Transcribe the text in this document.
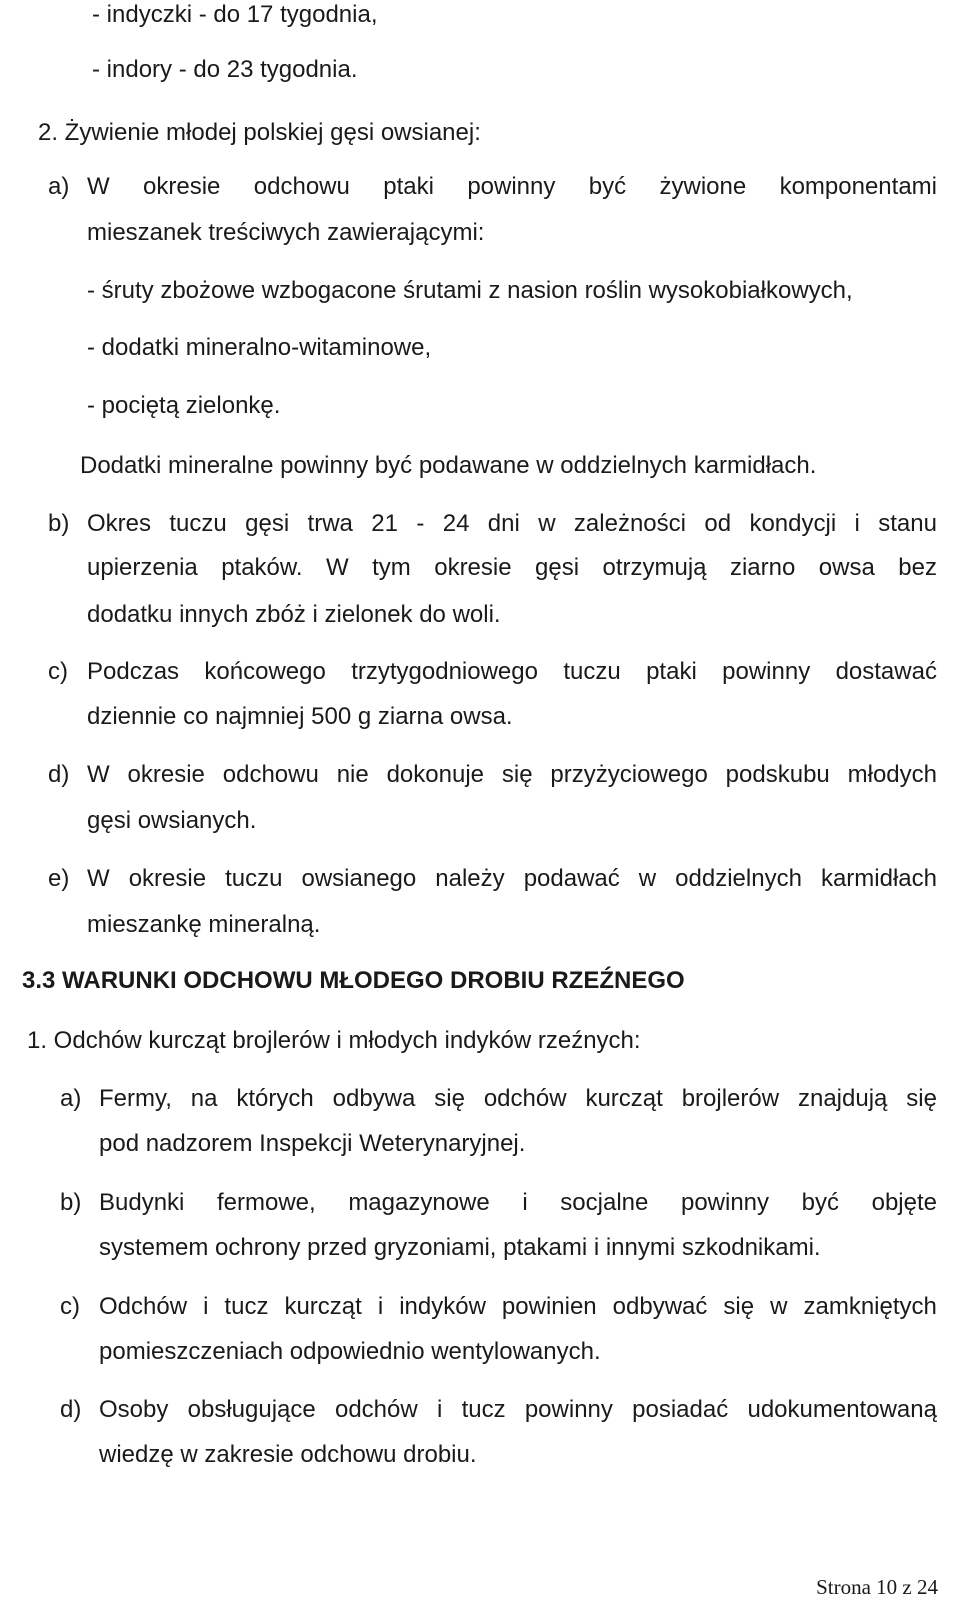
- indyczki - do 17 tygodnia,
- indory - do 23 tygodnia.
2. Żywienie młodej polskiej gęsi owsianej:
a) W okresie odchowu ptaki powinny być żywione komponentami
mieszanek treściwych zawierającymi:
- śruty zbożowe wzbogacone śrutami z nasion roślin wysokobiałkowych,
- dodatki mineralno-witaminowe,
- pociętą zielonkę.
Dodatki mineralne powinny być podawane w oddzielnych karmidłach.
b) Okres tuczu gęsi trwa 21 - 24 dni w zależności od kondycji i stanu
upierzenia ptaków. W tym okresie gęsi otrzymują ziarno owsa bez
dodatku innych zbóż i zielonek do woli.
c) Podczas końcowego trzytygodniowego tuczu ptaki powinny dostawać
dziennie co najmniej 500 g ziarna owsa.
d) W okresie odchowu nie dokonuje się przyżyciowego podskubu młodych
gęsi owsianych.
e) W okresie tuczu owsianego należy podawać w oddzielnych karmidłach
mieszankę mineralną.
3.3 WARUNKI ODCHOWU MŁODEGO DROBIU RZEŹNEGO
1. Odchów kurcząt brojlerów i młodych indyków rzeźnych:
a) Fermy, na których odbywa się odchów kurcząt brojlerów znajdują się
pod nadzorem Inspekcji Weterynaryjnej.
b) Budynki fermowe, magazynowe i socjalne powinny być objęte
systemem ochrony przed gryzoniami, ptakami i innymi szkodnikami.
c) Odchów i tucz kurcząt i indyków powinien odbywać się w zamkniętych
pomieszczeniach odpowiednio wentylowanych.
d) Osoby obsługujące odchów i tucz powinny posiadać udokumentowaną
wiedzę w zakresie odchowu drobiu.
Strona 10 z 24
